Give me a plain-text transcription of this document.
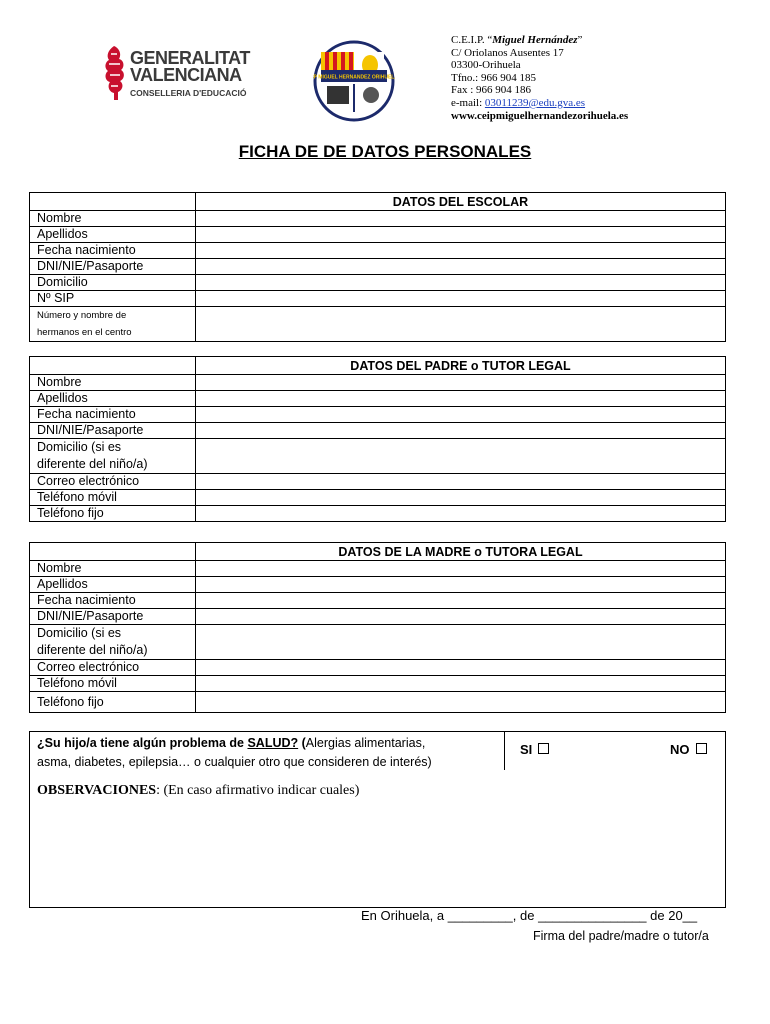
GENERALITAT
VALENCIANA
CONSELLERIA D'EDUCACIÓ
CP MIGUEL HERNANDEZ ORIHUELA
C.E.I.P. “Miguel Hernández”
C/ Oriolanos Ausentes 17
03300-Orihuela
Tfno.: 966 904 185
Fax : 966 904 186
e-mail: 03011239@edu.gva.es
www.ceipmiguelhernandezorihuela.es
FICHA DE DE DATOS PERSONALES
	DATOS DEL ESCOLAR
Nombre	
Apellidos	
Fecha nacimiento	
DNI/NIE/Pasaporte	
Domicilio	
Nº SIP	
Número y nombre de
hermanos en el centro	
	DATOS DEL PADRE o TUTOR LEGAL
Nombre	
Apellidos	
Fecha nacimiento	
DNI/NIE/Pasaporte	
Domicilio (si es
diferente del niño/a)	
Correo electrónico	
Teléfono móvil	
Teléfono fijo	
	DATOS DE LA MADRE o TUTORA LEGAL
Nombre	
Apellidos	
Fecha nacimiento	
DNI/NIE/Pasaporte	
Domicilio (si es
diferente del niño/a)	
Correo electrónico	
Teléfono móvil	
Teléfono fijo	
¿Su hijo/a tiene algún problema de SALUD? (Alergias alimentarias,
asma, diabetes, epilepsia… o cualquier otro que consideren de interés)
SI	NO
OBSERVACIONES: (En caso afirmativo indicar cuales)
En Orihuela, a _________, de _______________ de 20__
Firma del padre/madre o tutor/a
